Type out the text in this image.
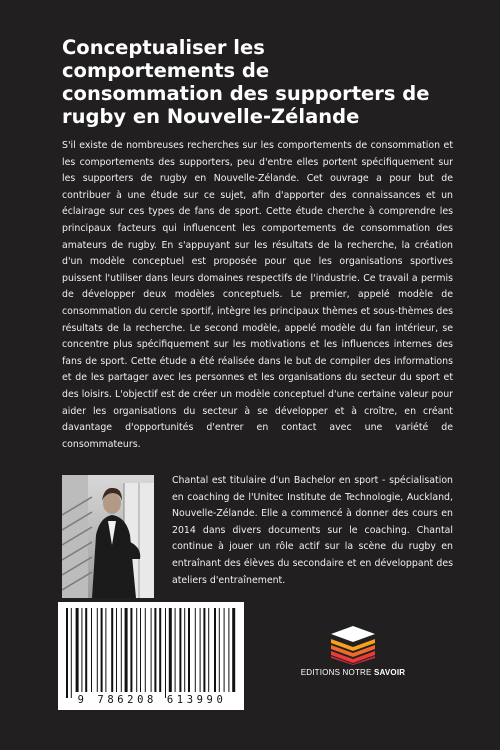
Conceptualiser les
comportements de
consommation des supporters de
rugby en Nouvelle-Zélande

S'il existe de nombreuses recherches sur les comportements de consommation et les comportements des supporters, peu d'entre elles portent spécifiquement sur les supporters de rugby en Nouvelle-Zélande. Cet ouvrage a pour but de contribuer à une étude sur ce sujet, afin d'apporter des connaissances et un éclairage sur ces types de fans de sport. Cette étude cherche à comprendre les principaux facteurs qui influencent les comportements de consommation des amateurs de rugby. En s'appuyant sur les résultats de la recherche, la création d'un modèle conceptuel est proposée pour que les organisations sportives puissent l'utiliser dans leurs domaines respectifs de l'industrie. Ce travail a permis de développer deux modèles conceptuels. Le premier, appelé modèle de consommation du cercle sportif, intègre les principaux thèmes et sous-thèmes des résultats de la recherche. Le second modèle, appelé modèle du fan intérieur, se concentre plus spécifiquement sur les motivations et les influences internes des fans de sport. Cette étude a été réalisée dans le but de compiler des informations et de les partager avec les personnes et les organisations du secteur du sport et des loisirs. L'objectif est de créer un modèle conceptuel d'une certaine valeur pour aider les organisations du secteur à se développer et à croître, en créant davantage d'opportunités d'entrer en contact avec une variété de consommateurs.

Chantal est titulaire d'un Bachelor en sport - spécialisation en coaching de l'Unitec Institute de Technologie, Auckland, Nouvelle-Zélande. Elle a commencé à donner des cours en 2014 dans divers documents sur le coaching. Chantal continue à jouer un rôle actif sur la scène du rugby en entraînant des élèves du secondaire et en développant des ateliers d'entraînement.

9 786208 613990
EDITIONS NOTRE SAVOIR
